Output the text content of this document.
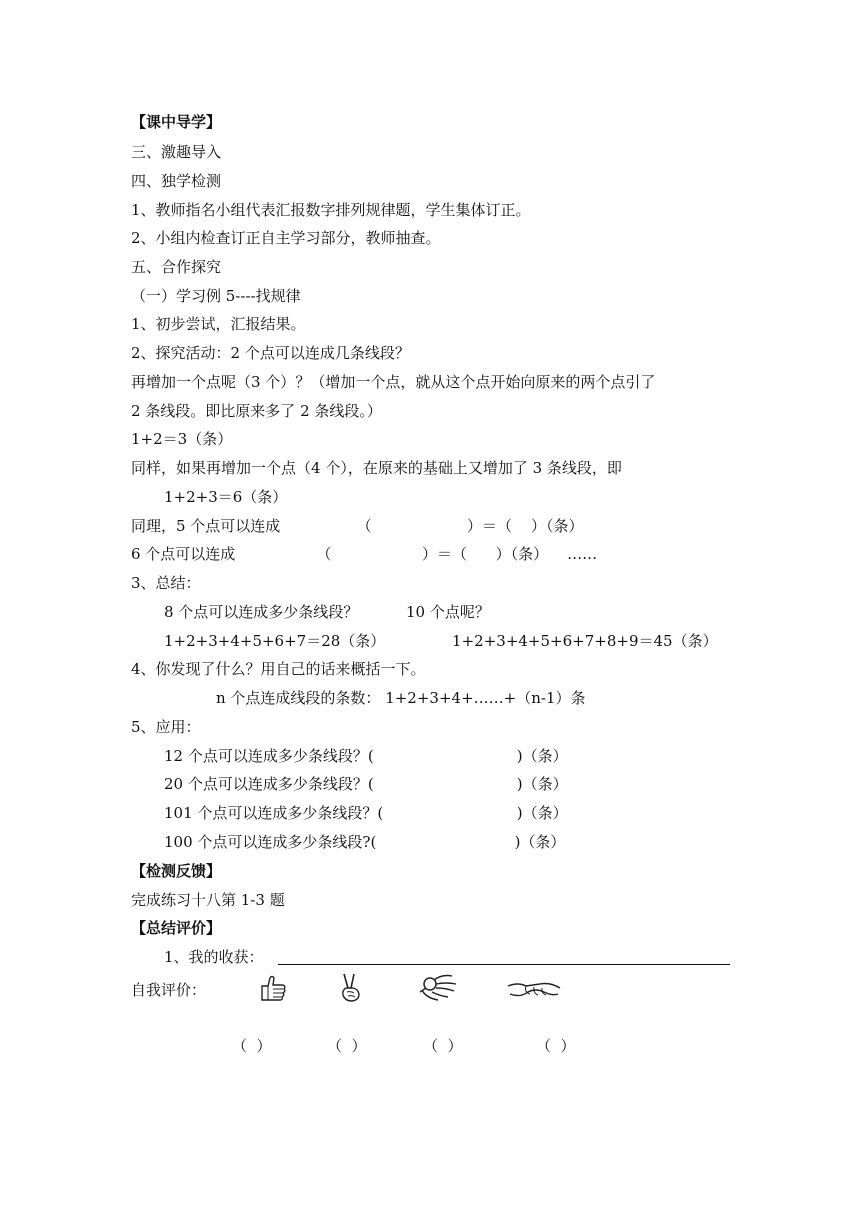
【课中导学】
三、激趣导入
四、独学检测
1、教师指名小组代表汇报数字排列规律题，学生集体订正。
2、小组内检查订正自主学习部分，教师抽查。
五、合作探究
（一）学习例 5----找规律
1、初步尝试，汇报结果。
2、探究活动：2 个点可以连成几条线段？
再增加一个点呢（3 个）？（增加一个点，就从这个点开始向原来的两个点引了
2 条线段。即比原来多了 2 条线段。）
1+2＝3（条）
同样，如果再增加一个点（4 个），在原来的基础上又增加了 3 条线段，即
1+2+3＝6（条）
同理，5 个点可以连成                （                    ）＝（    ）（条）
6 个点可以连成                 （                   ）＝（      ）（条）    ……
3、总结：
8 个点可以连成多少条线段？          10 个点呢？
1+2+3+4+5+6+7＝28（条）              1+2+3+4+5+6+7+8+9＝45（条）
4、你发现了什么？用自己的话来概括一下。
n 个点连成线段的条数： 1+2+3+4+……+（n-1）条
5、应用：
12 个点可以连成多少条线段？(                              )（条）
20 个点可以连成多少条线段？(                              )（条）
101 个点可以连成多少条线段？(                            )（条）
100 个点可以连成多少条线段?(                             )（条）
【检测反馈】
完成练习十八第 1-3 题
【总结评价】
1、我的收获：
自我评价：
（  ）	（  ）	（  ）	（  ）
